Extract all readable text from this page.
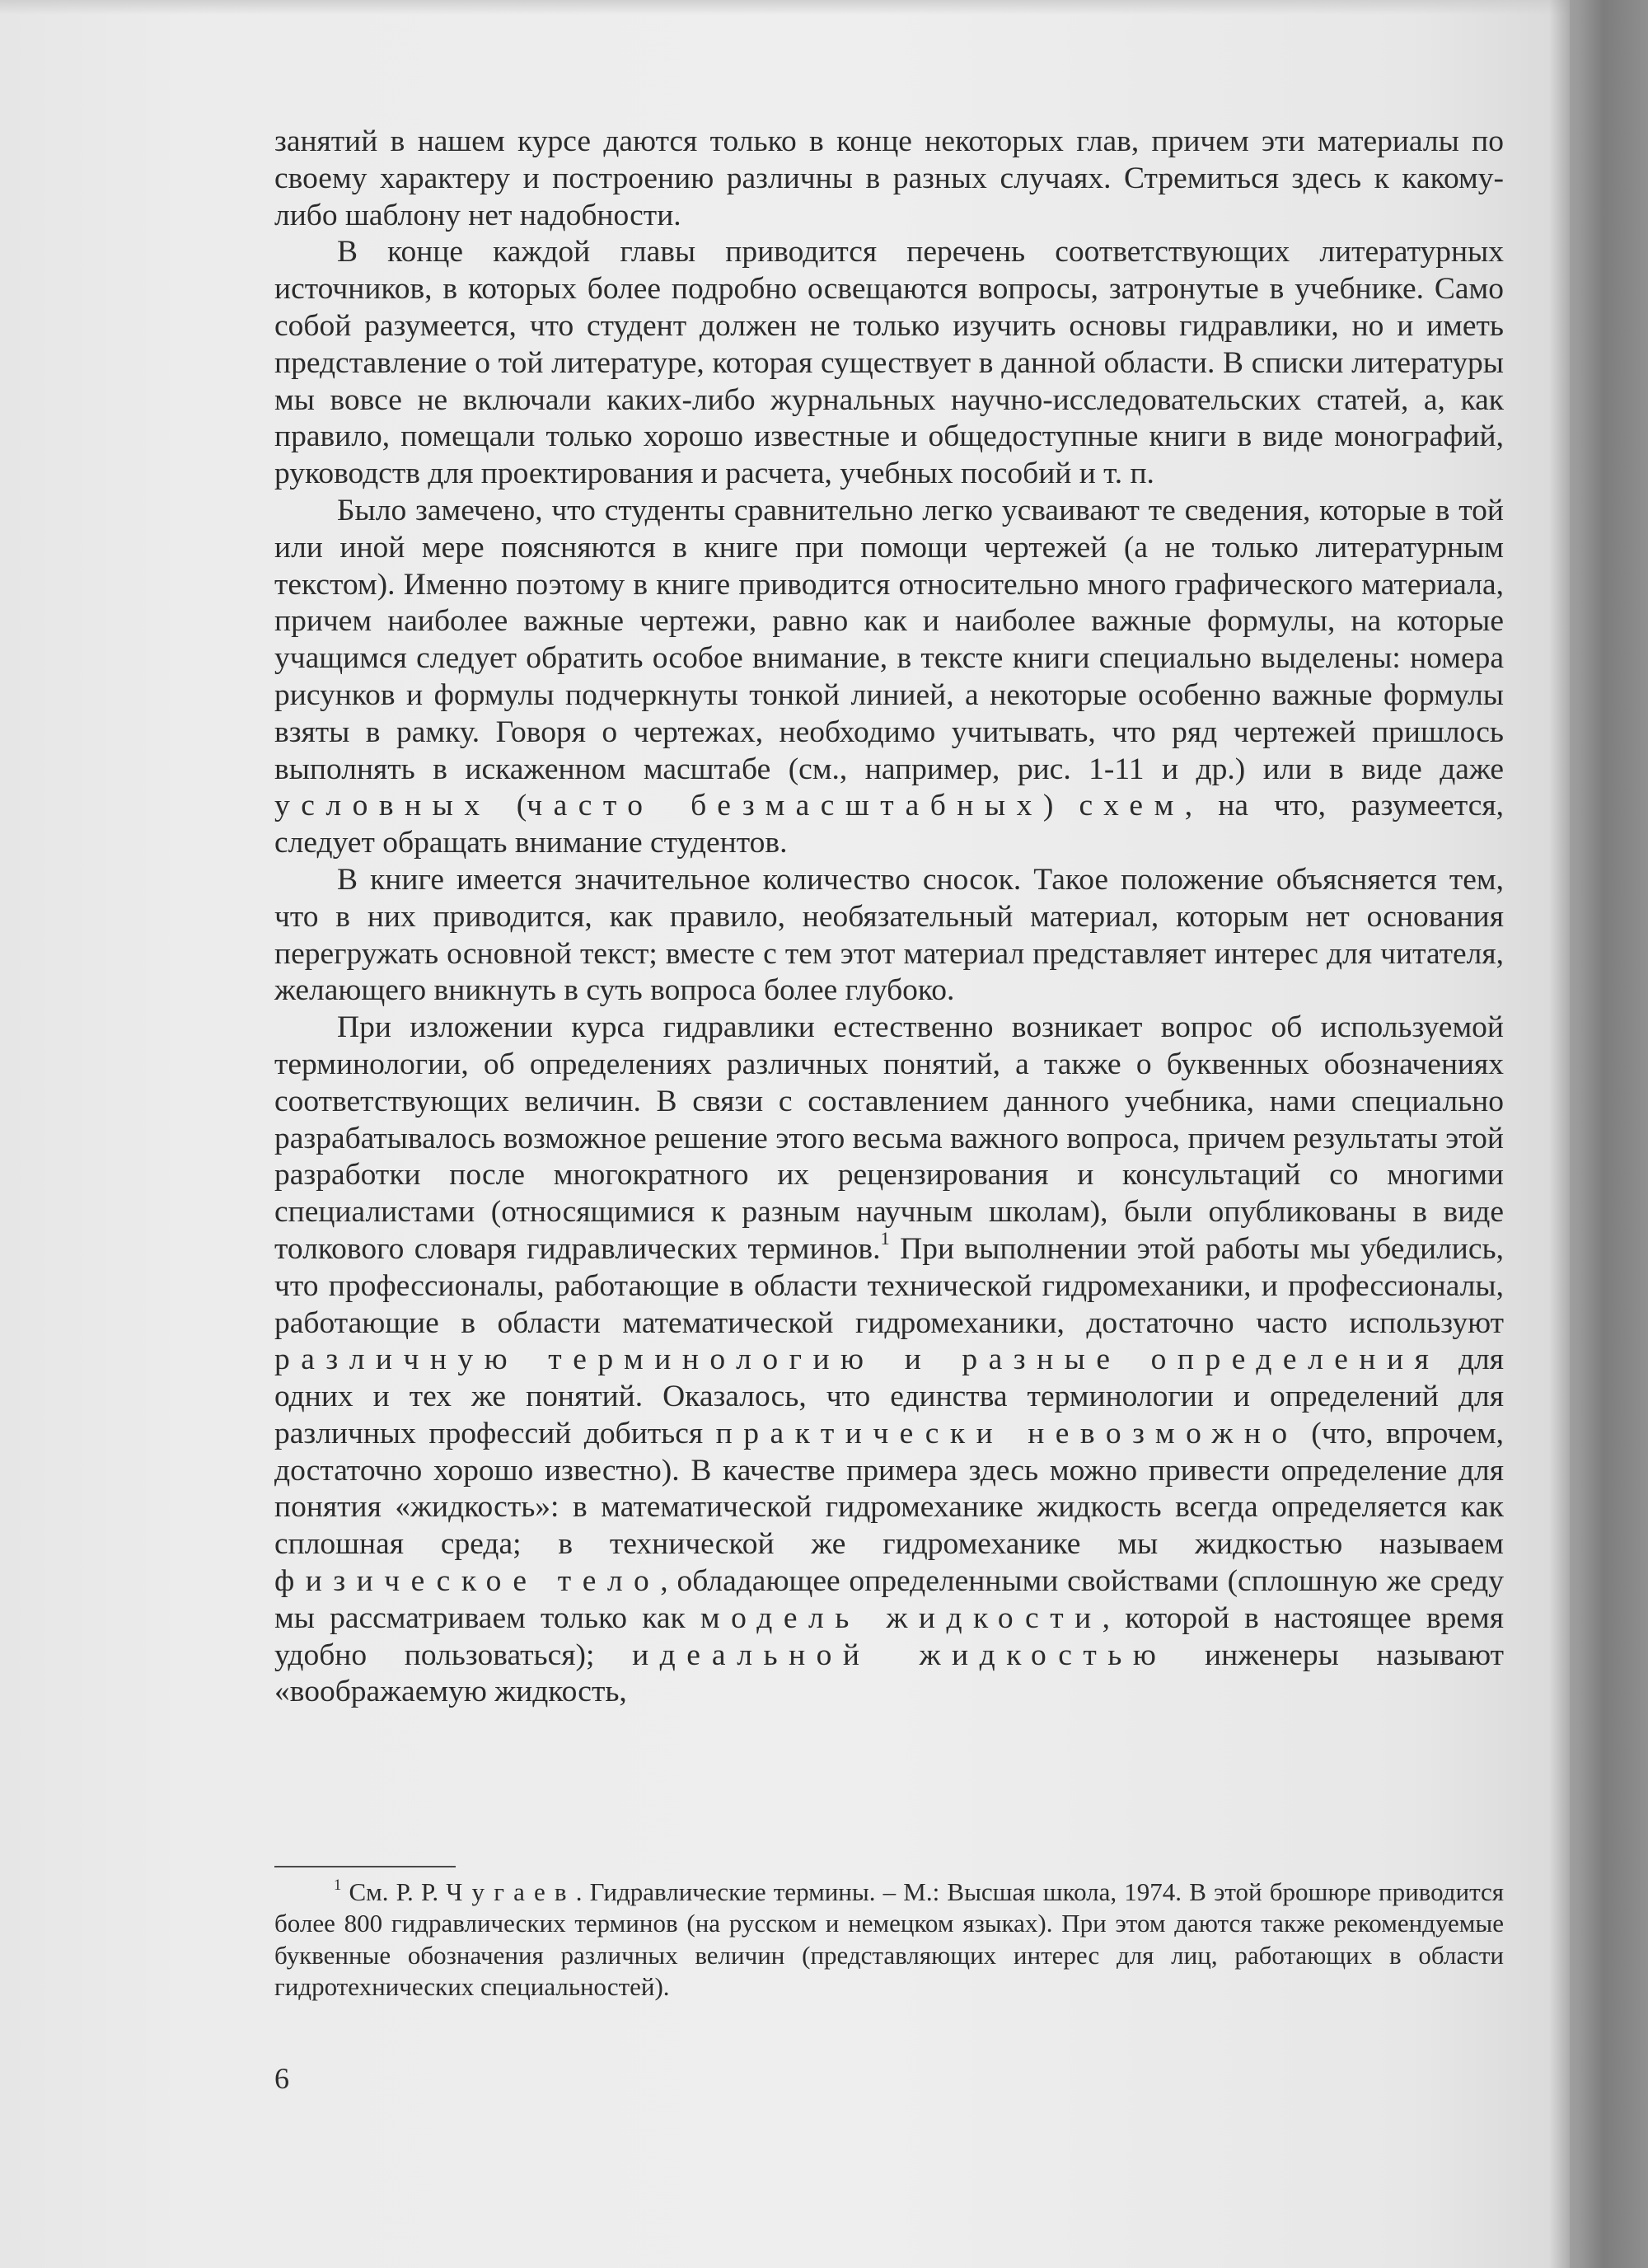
занятий в нашем курсе даются только в конце некоторых глав, причем эти материалы по своему характеру и построению различны в разных случаях. Стремиться здесь к какому-либо шаблону нет надобности.

В конце каждой главы приводится перечень соответствующих литературных источников, в которых более подробно освещаются вопросы, затронутые в учебнике. Само собой разумеется, что студент должен не только изучить основы гидравлики, но и иметь представление о той литературе, которая существует в данной области. В списки литературы мы вовсе не включали каких-либо журнальных научно-исследовательских статей, а, как правило, помещали только хорошо известные и общедоступные книги в виде монографий, руководств для проектирования и расчета, учебных пособий и т. п.

Было замечено, что студенты сравнительно легко усваивают те сведения, которые в той или иной мере поясняются в книге при помощи чертежей (а не только литературным текстом). Именно поэтому в книге приводится относительно много графического материала, причем наиболее важные чертежи, равно как и наиболее важные формулы, на которые учащимся следует обратить особое внимание, в тексте книги специально выделены: номера рисунков и формулы подчеркнуты тонкой линией, а некоторые особенно важные формулы взяты в рамку. Говоря о чертежах, необходимо учитывать, что ряд чертежей пришлось выполнять в искаженном масштабе (см., например, рис. 1-11 и др.) или в виде даже условных (часто безмасштабных) схем, на что, разумеется, следует обращать внимание студентов.

В книге имеется значительное количество сносок. Такое положение объясняется тем, что в них приводится, как правило, необязательный материал, которым нет основания перегружать основной текст; вместе с тем этот материал представляет интерес для читателя, желающего вникнуть в суть вопроса более глубоко.

При изложении курса гидравлики естественно возникает вопрос об используемой терминологии, об определениях различных понятий, а также о буквенных обозначениях соответствующих величин. В связи с составлением данного учебника, нами специально разрабатывалось возможное решение этого весьма важного вопроса, причем результаты этой разработки после многократного их рецензирования и консультаций со многими специалистами (относящимися к разным научным школам), были опубликованы в виде толкового словаря гидравлических терминов.$^1$ При выполнении этой работы мы убедились, что профессионалы, работающие в области технической гидромеханики, и профессионалы, работающие в области математической гидромеханики, достаточно часто используют различную терминологию и разные определения для одних и тех же понятий. Оказалось, что единства терминологии и определений для различных профессий добиться практически невозможно (что, впрочем, достаточно хорошо известно). В качестве примера здесь можно привести определение для понятия «жидкость»: в математической гидромеханике жидкость всегда определяется как сплошная среда; в технической же гидромеханике мы жидкостью называем физическое тело, обладающее определенными свойствами (сплошную же среду мы рассматриваем только как модель жидкости, которой в настоящее время удобно пользоваться); идеальной жидкостью инженеры называют «воображаемую жидкость,

$^1$ См. Р. Р. Чугаев. Гидравлические термины. – М.: Высшая школа, 1974. В этой брошюре приводится более 800 гидравлических терминов (на русском и немецком языках). При этом даются также рекомендуемые буквенные обозначения различных величин (представляющих интерес для лиц, работающих в области гидротехнических специальностей).

6
